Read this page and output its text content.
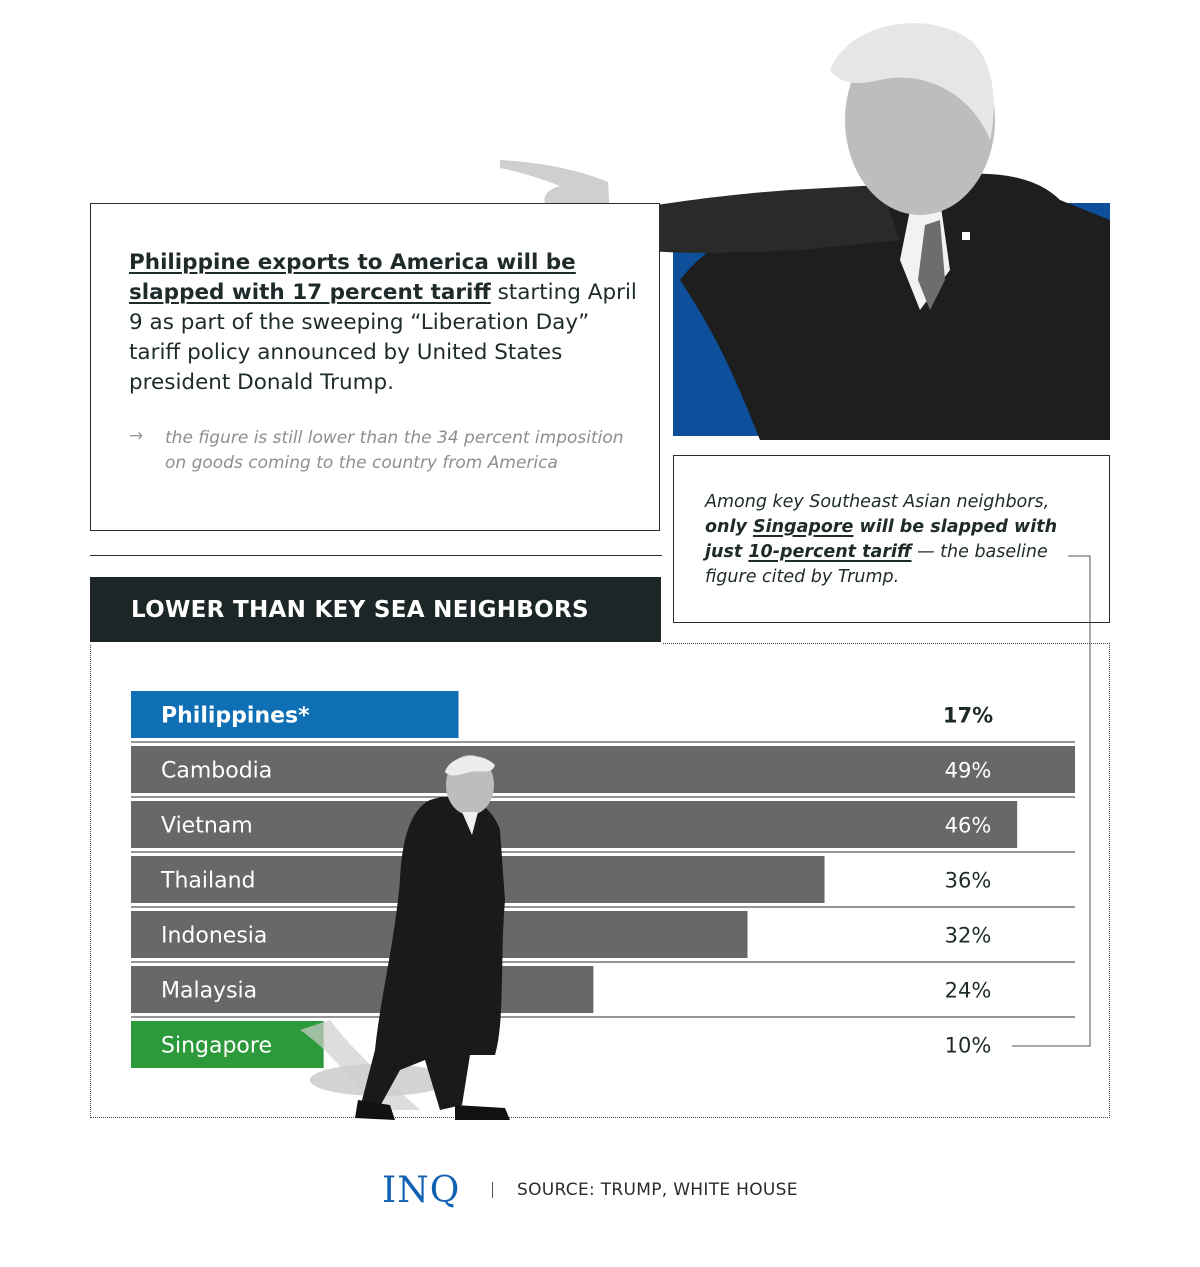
Philippine exports to America will be slapped with 17 percent tariff starting April 9 as part of the sweeping “Liberation Day” tariff policy announced by United States president Donald Trump.
→ the figure is still lower than the 34 percent imposition on goods coming to the country from America
Among key Southeast Asian neighbors, only Singapore will be slapped with just 10-percent tariff — the baseline figure cited by Trump.
LOWER THAN KEY SEA NEIGHBORS
Philippines*	17%
Cambodia	49%
Vietnam	46%
Thailand	36%
Indonesia	32%
Malaysia	24%
Singapore	10%
INQ	SOURCE: TRUMP, WHITE HOUSE
